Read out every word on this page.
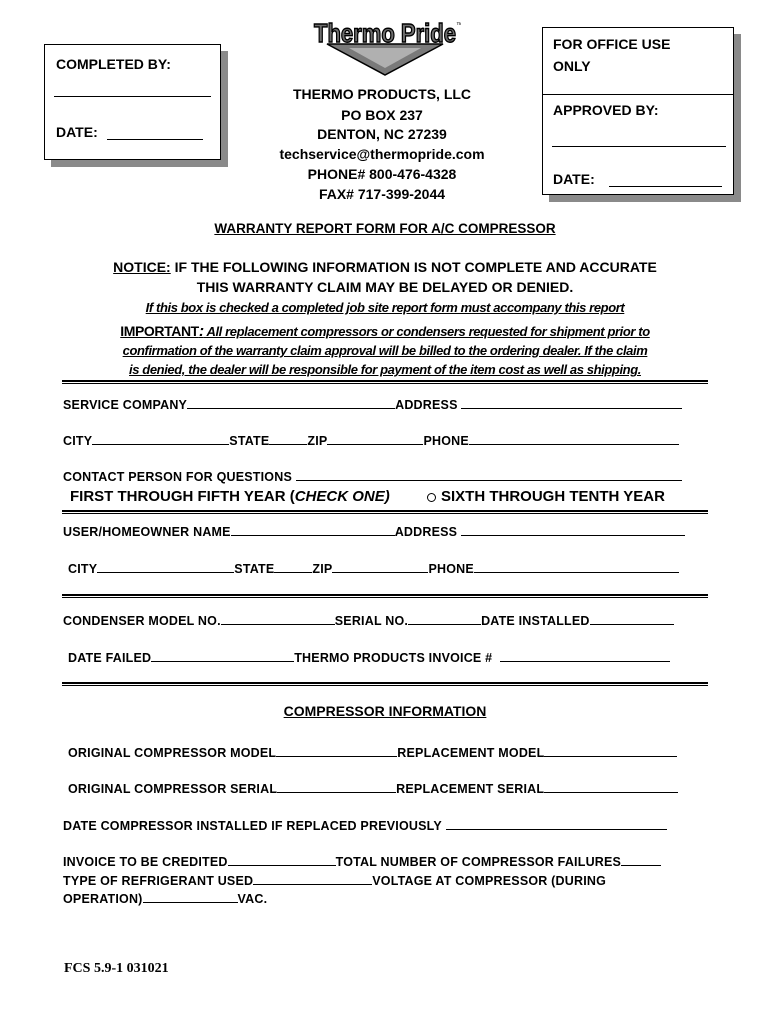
Thermo Pride ™
COMPLETED BY:
DATE:
FOR OFFICE USE
ONLY
APPROVED BY:
DATE:
THERMO PRODUCTS, LLC
PO BOX 237
DENTON, NC 27239
techservice@thermopride.com
PHONE# 800-476-4328
FAX# 717-399-2044
WARRANTY REPORT FORM FOR A/C COMPRESSOR
NOTICE: IF THE FOLLOWING INFORMATION IS NOT COMPLETE AND ACCURATE
THIS WARRANTY CLAIM MAY BE DELAYED OR DENIED.
If this box is checked a completed job site report form must accompany this report
IMPORTANT: All replacement compressors or condensers requested for shipment prior to
confirmation of the warranty claim approval will be billed to the ordering dealer. If the claim
is denied, the dealer will be responsible for payment of the item cost as well as shipping.
SERVICE COMPANY	ADDRESS
CITY	STATE	ZIP	PHONE
CONTACT PERSON FOR QUESTIONS
FIRST THROUGH FIFTH YEAR (CHECK ONE)	SIXTH THROUGH TENTH YEAR
USER/HOMEOWNER NAME	ADDRESS
CITY	STATE	ZIP	PHONE
CONDENSER MODEL NO.	SERIAL NO.	DATE INSTALLED
DATE FAILED	THERMO PRODUCTS INVOICE #
COMPRESSOR INFORMATION
ORIGINAL COMPRESSOR MODEL	REPLACEMENT MODEL
ORIGINAL COMPRESSOR SERIAL	REPLACEMENT SERIAL
DATE COMPRESSOR INSTALLED IF REPLACED PREVIOUSLY
INVOICE TO BE CREDITED	TOTAL NUMBER OF COMPRESSOR FAILURES
TYPE OF REFRIGERANT USED	VOLTAGE AT COMPRESSOR (DURING
OPERATION)	VAC.
FCS 5.9-1 031021
